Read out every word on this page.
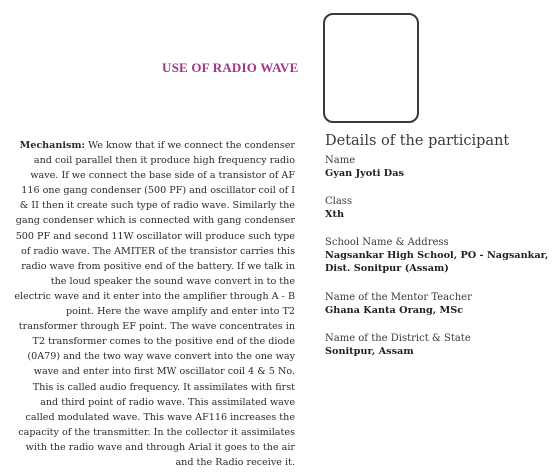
USE OF RADIO WAVE

Mechanism: We know that if we connect the condenser and coil parallel then it produce high frequency radio wave. If we connect the base side of a transistor of AF 116 one gang condenser (500 PF) and oscillator coil of I & II then it create such type of radio wave. Similarly the gang condenser which is connected with gang condenser 500 PF and second 11W oscillator will produce such type of radio wave. The AMITER of the transistor carries this radio wave from positive end of the battery. If we talk in the loud speaker the sound wave convert in to the electric wave and it enter into the amplifier through A - B point. Here the wave amplify and enter into T2 transformer through EF point. The wave concentrates in T2 transformer comes to the positive end of the diode (0A79) and the two way wave convert into the one way wave and enter into first MW oscillator coil 4 & 5 No. This is called audio frequency. It assimilates with first and third point of radio wave. This assimilated wave called modulated wave. This wave AF116 increases the capacity of the transmitter. In the collector it assimilates with the radio wave and through Arial it goes to the air and the Radio receive it.

Details of the participant
Name
Gyan Jyoti Das
Class
Xth
School Name & Address
Nagsankar High School, PO - Nagsankar, Dist. Sonitpur (Assam)
Name of the Mentor Teacher
Ghana Kanta Orang, MSc
Name of the District & State
Sonitpur, Assam
